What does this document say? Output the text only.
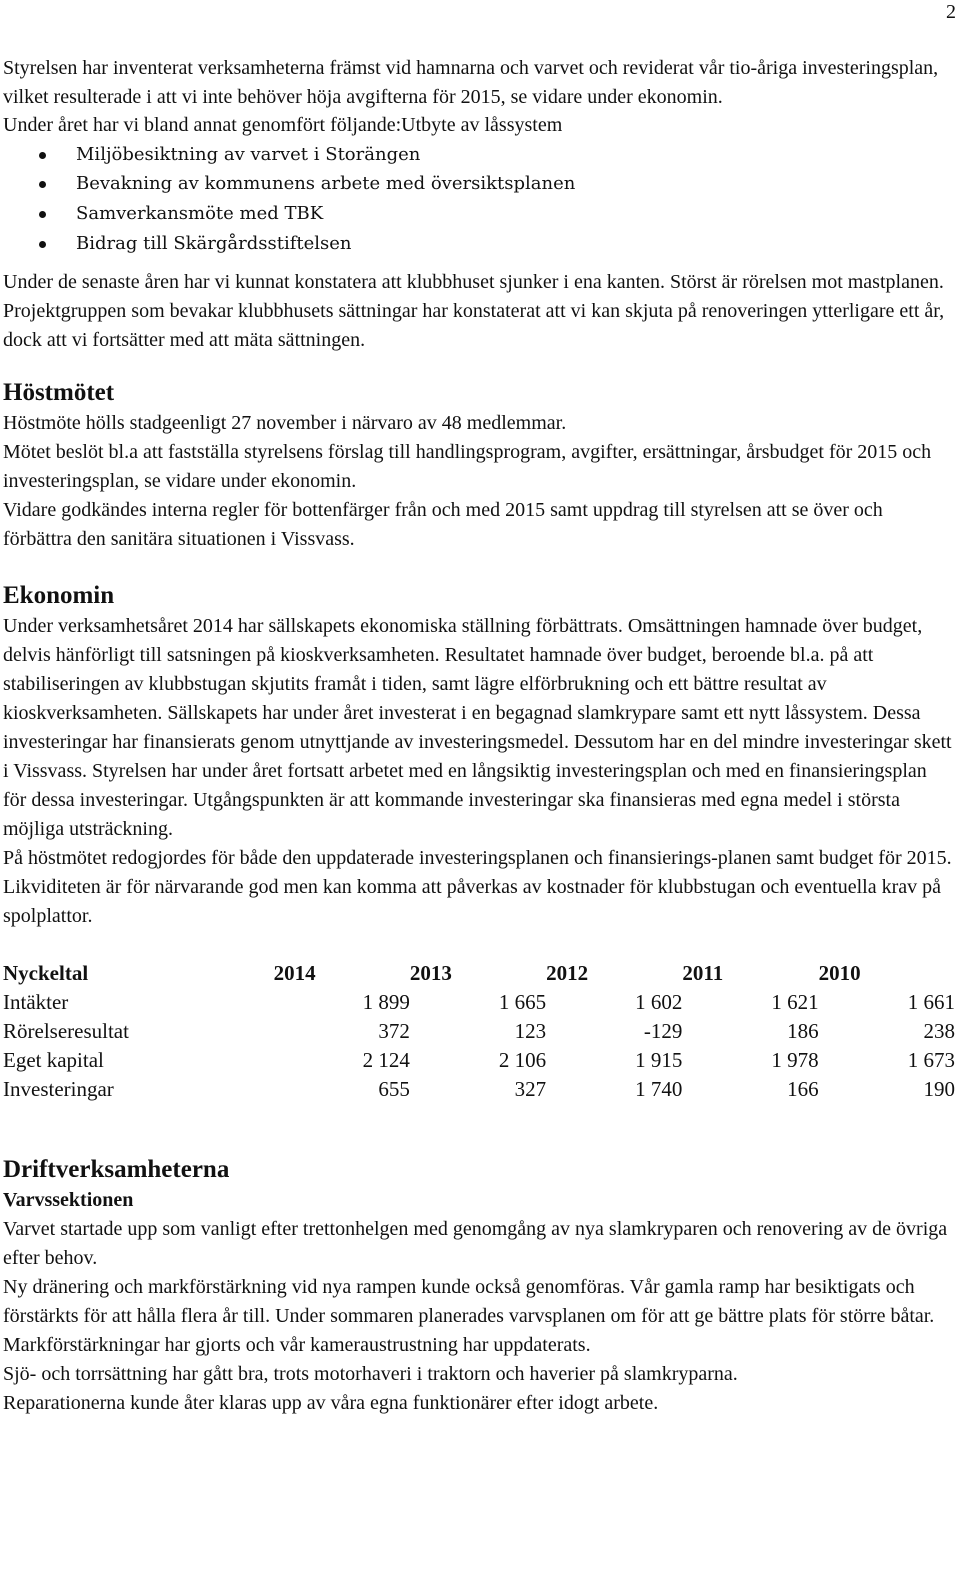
2

Styrelsen har inventerat verksamheterna främst vid hamnarna och varvet och reviderat vår tio-åriga investeringsplan, vilket resulterade i att vi inte behöver höja avgifterna för 2015, se vidare under ekonomin.

Under året har vi bland annat genomfört följande:Utbyte av låssystem

Miljöbesiktning av varvet i Storängen
Bevakning av kommunens arbete med översiktsplanen
Samverkansmöte med TBK
Bidrag till Skärgårdsstiftelsen

Under de senaste åren har vi kunnat konstatera att klubbhuset sjunker i ena kanten. Störst är rörelsen mot mastplanen. Projektgruppen som bevakar klubbhusets sättningar har konstaterat att vi kan skjuta på renoveringen ytterligare ett år, dock att vi fortsätter med att mäta sättningen.

Höstmötet

Höstmöte hölls stadgeenligt 27 november i närvaro av 48 medlemmar.

Mötet beslöt bl.a att fastställa styrelsens förslag till handlingsprogram, avgifter, ersättningar, årsbudget för 2015 och investeringsplan, se vidare under ekonomin.

Vidare godkändes interna regler för bottenfärger från och med 2015 samt uppdrag till styrelsen att se över och förbättra den sanitära situationen i Vissvass.

Ekonomin

Under verksamhetsåret 2014 har sällskapets ekonomiska ställning förbättrats. Omsättningen hamnade över budget, delvis hänförligt till satsningen på kioskverksamheten. Resultatet hamnade över budget, beroende bl.a. på att stabiliseringen av klubbstugan skjutits framåt i tiden, samt lägre elförbrukning och ett bättre resultat av kioskverksamheten. Sällskapets har under året investerat i en begagnad slamkrypare samt ett nytt låssystem. Dessa investeringar har finansierats genom utnyttjande av investeringsmedel. Dessutom har en del mindre investeringar skett i Vissvass. Styrelsen har under året fortsatt arbetet med en långsiktig investeringsplan och med en finansieringsplan för dessa investeringar. Utgångspunkten är att kommande investeringar ska finansieras med egna medel i största möjliga utsträckning.

På höstmötet redogjordes för både den uppdaterade investeringsplanen och finansierings-planen samt budget för 2015. Likviditeten är för närvarande god men kan komma att påverkas av kostnader för klubbstugan och eventuella krav på spolplattor.

Nyckeltal	2014	2013	2012	2011	2010
Intäkter	1 899	1 665	1 602	1 621	1 661
Rörelseresultat	372	123	-129	186	238
Eget kapital	2 124	2 106	1 915	1 978	1 673
Investeringar	655	327	1 740	166	190
Driftverksamheterna
Varvssektionen

Varvet startade upp som vanligt efter trettonhelgen med genomgång av nya slamkryparen och renovering av de övriga efter behov.

Ny dränering och markförstärkning vid nya rampen kunde också genomföras. Vår gamla ramp har besiktigats och förstärkts för att hålla flera år till. Under sommaren planerades varvsplanen om för att ge bättre plats för större båtar. Markförstärkningar har gjorts och vår kameraustrustning har uppdaterats.

Sjö- och torrsättning har gått bra, trots motorhaveri i traktorn och haverier på slamkryparna.

Reparationerna kunde åter klaras upp av våra egna funktionärer efter idogt arbete.
